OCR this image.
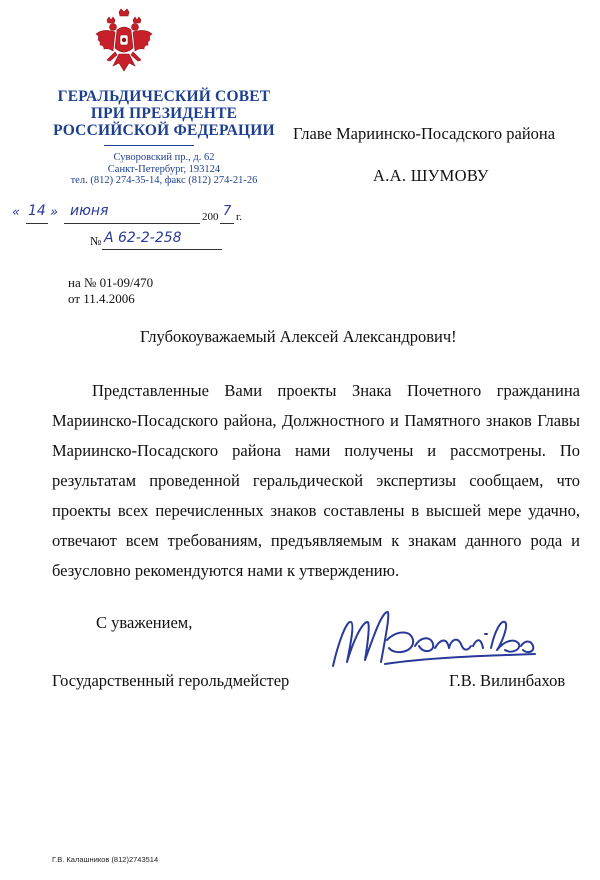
ГЕРАЛЬДИЧЕСКИЙ СОВЕТ
ПРИ ПРЕЗИДЕНТЕ
РОССИЙСКОЙ ФЕДЕРАЦИИ
Суворовский пр., д. 62
Санкт-Петербург, 193124
тел. (812) 274-35-14, факс (812) 274-21-26
Главе Мариинско-Посадского района
А.А. ШУМОВУ
« 14 » июня	200 7 г.
№ А 62-2-258
на № 01-09/470
от 11.4.2006
Глубокоуважаемый Алексей Александрович!

Представленные Вами проекты Знака Почетного гражданина Мариинско-Посадского района, Должностного и Памятного знаков Главы Мариинско-Посадского района нами получены и рассмотрены. По результатам проведенной геральдической экспертизы сообщаем, что проекты всех перечисленных знаков составлены в высшей мере удачно, отвечают всем требованиям, предъявляемым к знакам данного рода и безусловно рекомендуются нами к утверждению.

С уважением,
Государственный герольдмейстер	Г.В. Вилинбахов
Г.В. Калашников (812)2743514
